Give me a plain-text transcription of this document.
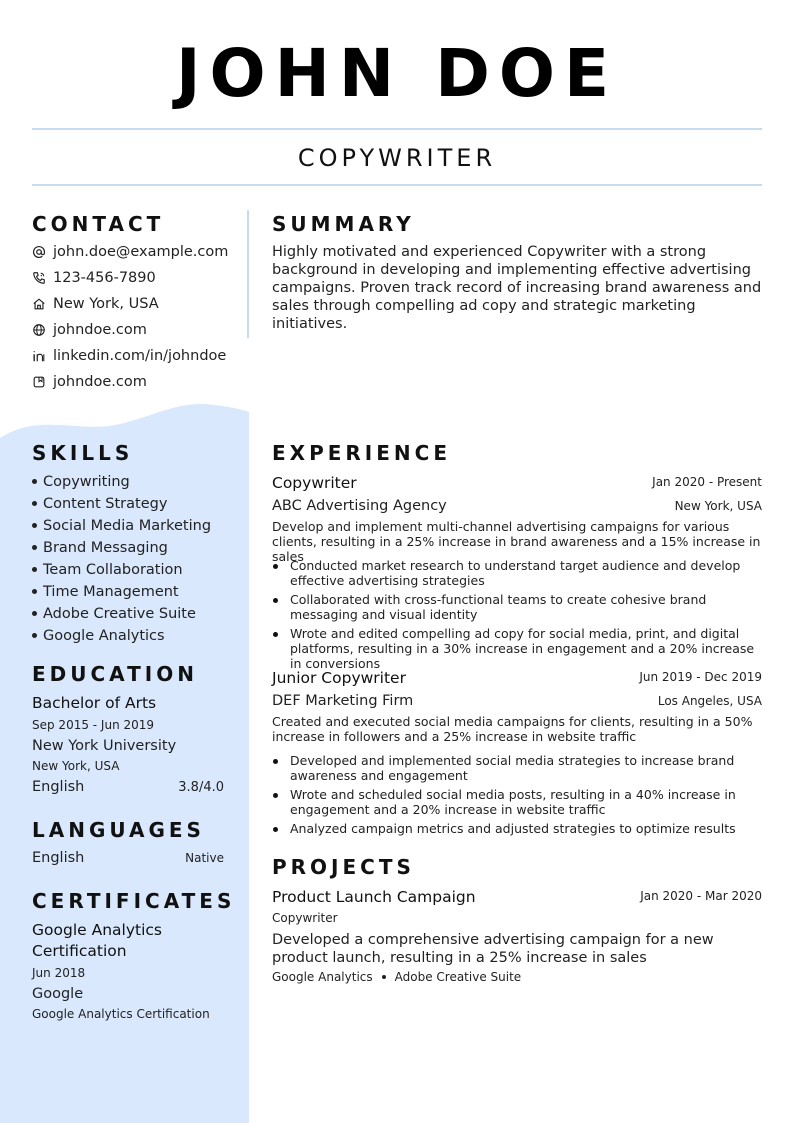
JOHN DOE
COPYWRITER
CONTACT
john.doe@example.com
123-456-7890
New York, USA
johndoe.com
linkedin.com/in/johndoe
johndoe.com
SKILLS
Copywriting
Content Strategy
Social Media Marketing
Brand Messaging
Team Collaboration
Time Management
Adobe Creative Suite
Google Analytics
EDUCATION
Bachelor of Arts
Sep 2015 - Jun 2019
New York University
New York, USA
English	3.8/4.0
LANGUAGES
English	Native
CERTIFICATES
Google Analytics
Certification
Jun 2018
Google
Google Analytics Certification
SUMMARY
Highly motivated and experienced Copywriter with a strong background in developing and implementing effective advertising campaigns. Proven track record of increasing brand awareness and sales through compelling ad copy and strategic marketing initiatives.
EXPERIENCE
Copywriter	Jan 2020 - Present
ABC Advertising Agency	New York, USA
Develop and implement multi-channel advertising campaigns for various clients, resulting in a 25% increase in brand awareness and a 15% increase in sales
Conducted market research to understand target audience and develop effective advertising strategies
Collaborated with cross-functional teams to create cohesive brand messaging and visual identity
Wrote and edited compelling ad copy for social media, print, and digital platforms, resulting in a 30% increase in engagement and a 20% increase in conversions
Junior Copywriter	Jun 2019 - Dec 2019
DEF Marketing Firm	Los Angeles, USA
Created and executed social media campaigns for clients, resulting in a 50% increase in followers and a 25% increase in website traffic
Developed and implemented social media strategies to increase brand awareness and engagement
Wrote and scheduled social media posts, resulting in a 40% increase in engagement and a 20% increase in website traffic
Analyzed campaign metrics and adjusted strategies to optimize results
PROJECTS
Product Launch Campaign	Jan 2020 - Mar 2020
Copywriter
Developed a comprehensive advertising campaign for a new product launch, resulting in a 25% increase in sales
Google Analytics Adobe Creative Suite
